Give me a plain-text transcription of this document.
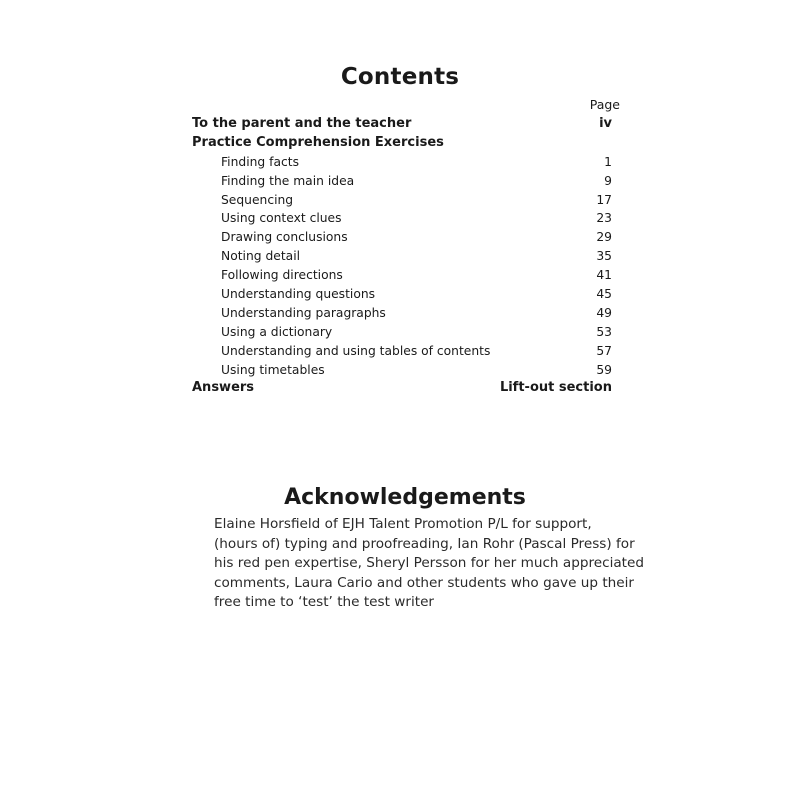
Contents
Page
To the parent and the teacher	iv
Practice Comprehension Exercises
Finding facts	1
Finding the main idea	9
Sequencing	17
Using context clues	23
Drawing conclusions	29
Noting detail	35
Following directions	41
Understanding questions	45
Understanding paragraphs	49
Using a dictionary	53
Understanding and using tables of contents	57
Using timetables	59
Answers	Lift-out section
Acknowledgements

Elaine Horsfield of EJH Talent Promotion P/L for support,
(hours of) typing and proofreading, Ian Rohr (Pascal Press) for
his red pen expertise, Sheryl Persson for her much appreciated
comments, Laura Cario and other students who gave up their
free time to ‘test’ the test writer
